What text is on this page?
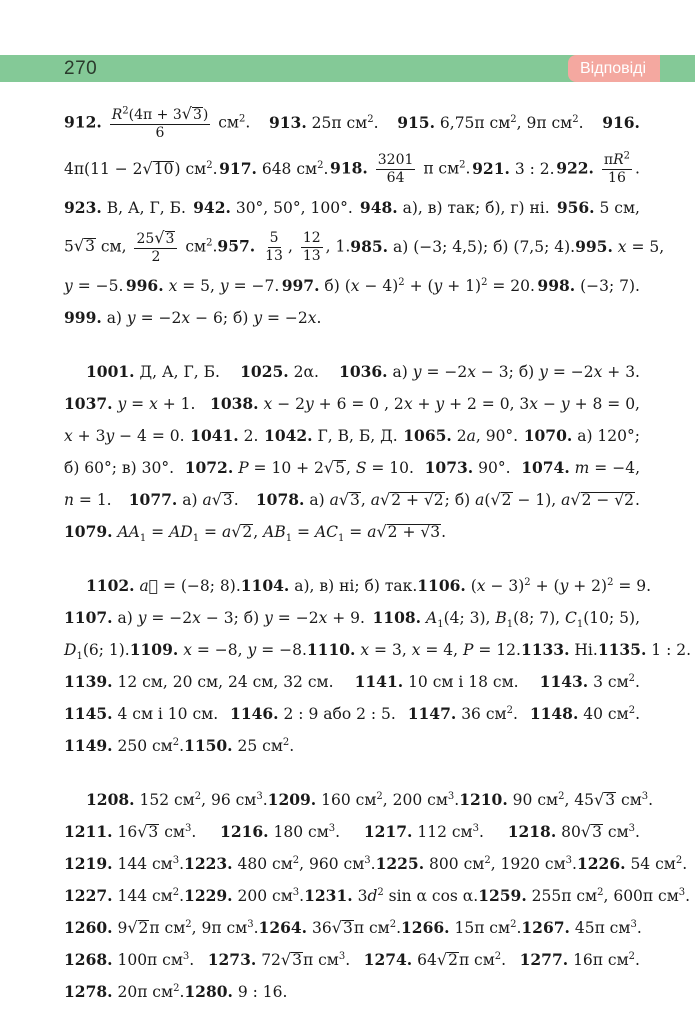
270	Відповіді
912. $\frac{R^2(4\pi + 3√3)}{6} см^2$. 913. 25π $см^2$. 915. 6,75π $см^2$, 9π $см^2$. 916.
4π(11 − 2√10) $см^2$. 917. 648 $см^2$. 918. $\frac{3201}{64}$ π $см^2$. 921. 3 : 2. 922. $\frac{\pi R^2}{16}$ .
923. В, А, Г, Б. 942. 30°, 50°, 100°. 948. а), в) так; б), г) ні. 956. 5 см,
5√3 см, $\frac{25√3}{2} см^2$. 957. $\frac{5}{13}$ , $\frac{12}{13}$ , 1. 985. а) (−3; 4,5); б) (7,5; 4). 995. x = 5,
y = −5. 996. x = 5, y = −7. 997. б) $(x - 4)^2 + (y + 1)^2 = 20$. 998. (−3; 7).
999. а) y = −2x − 6; б) y = −2x.
1001. Д, А, Г, Б. 1025. 2α. 1036. а) y = −2x − 3; б) y = −2x + 3.
1037. y = x + 1. 1038. x − 2y + 6 = 0 , 2x + y + 2 = 0, 3x − y + 8 = 0,
x + 3y − 4 = 0. 1041. 2. 1042. Г, В, Б, Д. 1065. 2a, 90°. 1070. а) 120°;
б) 60°; в) 30°. 1072. P = 10 + 2√5, S = 10. 1073. 90°. 1074. m = −4,
n = 1. 1077. а) a√3. 1078. а) a√3, a√2 + √2; б) a(√2 − 1), a√2 − √2.
1079. $AA_1 = AD_1 = a√2$, $AB_1 = AC_1 = a√2 + √3$.
1102. a⃗ = (−8; 8). 1104. а), в) ні; б) так. 1106. $(x - 3)^2 + (y + 2)^2 = 9$.
1107. а) y = −2x − 3; б) y = −2x + 9. 1108. $A_1(4$; 3), $B_1(8$; 7), $C_1(10$; 5),
$D_1(6$; 1). 1109. x = −8, y = −8. 1110. x = 3, x = 4, P = 12. 1133. Ні. 1135. 1 : 2.
1139. 12 см, 20 см, 24 см, 32 см. 1141. 10 см і 18 см. 1143. 3 $см^2$.
1145. 4 см і 10 см. 1146. 2 : 9 або 2 : 5. 1147. 36 $см^2$. 1148. 40 $см^2$.
1149. 250 $см^2$. 1150. 25 $см^2$.
1208. 152 $см^2$, 96 $см^3$. 1209. 160 $см^2$, 200 $см^3$. 1210. 90 $см^2$, 45√3 $см^3$.
1211. 16√3 $см^3$. 1216. 180 $см^3$. 1217. 112 $см^3$. 1218. 80√3 $см^3$.
1219. 144 $см^3$. 1223. 480 $см^2$, 960 $см^3$. 1225. 800 $см^2$, 1920 $см^3$. 1226. 54 $см^2$.
1227. 144 $см^2$. 1229. 200 $см^3$. 1231. $3d^2$ sin α cos α. 1259. 255π $см^2$, 600π $см^3$.
1260. 9√2π $см^2$, 9π $см^3$. 1264. 36√3π $см^2$. 1266. 15π $см^2$. 1267. 45π $см^3$.
1268. 100π $см^3$. 1273. 72√3π $см^3$. 1274. 64√2π $см^2$. 1277. 16π $см^2$.
1278. 20π $см^2$. 1280. 9 : 16.
